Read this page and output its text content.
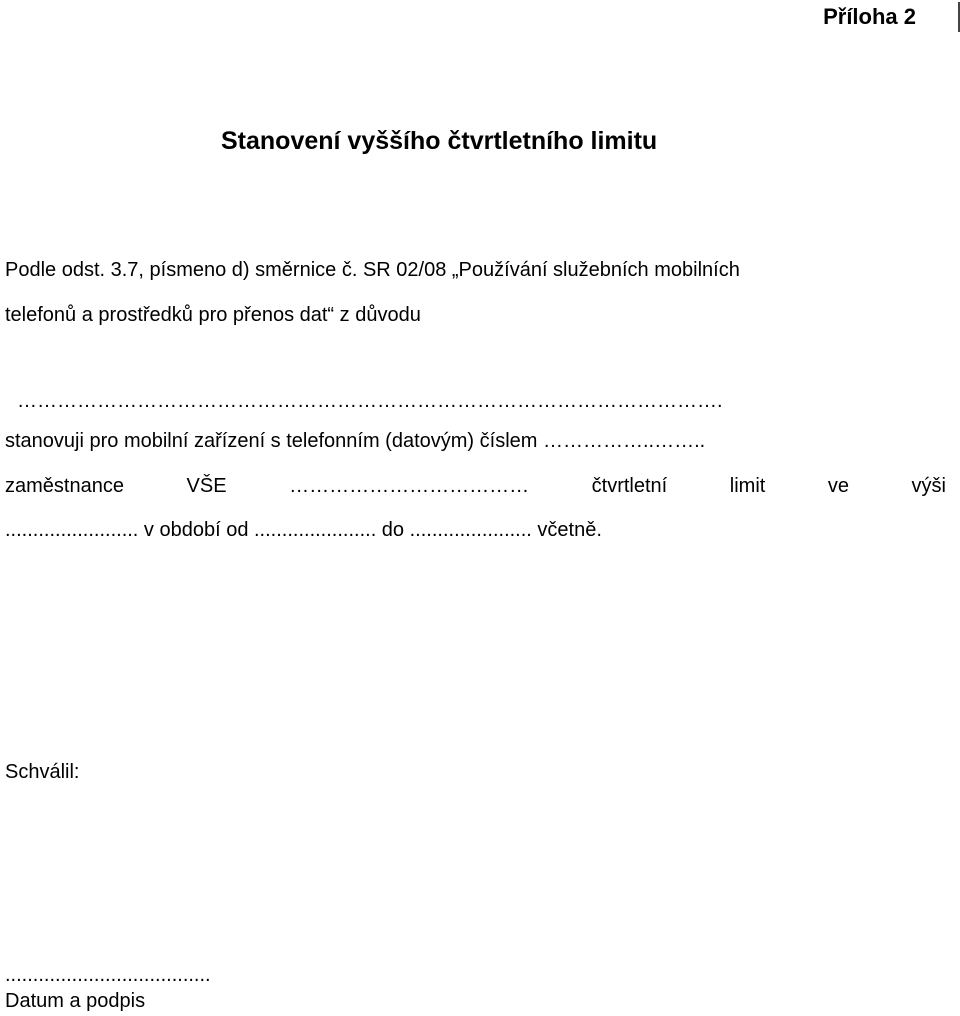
Příloha 2
Stanovení vyššího čtvrtletního limitu
Podle odst. 3.7, písmeno d) směrnice č. SR 02/08 „Používání služebních mobilních
telefonů a prostředků pro přenos dat“ z důvodu
…………………………………………………………………………………………….
stanovuji pro mobilní zařízení s telefonním (datovým) číslem ……………..……..
zaměstnance	VŠE	………………………………	čtvrtletní	limit	ve	výši
........................ v období od ...................... do ...................... včetně.
Schválil:
.....................................
Datum a podpis
